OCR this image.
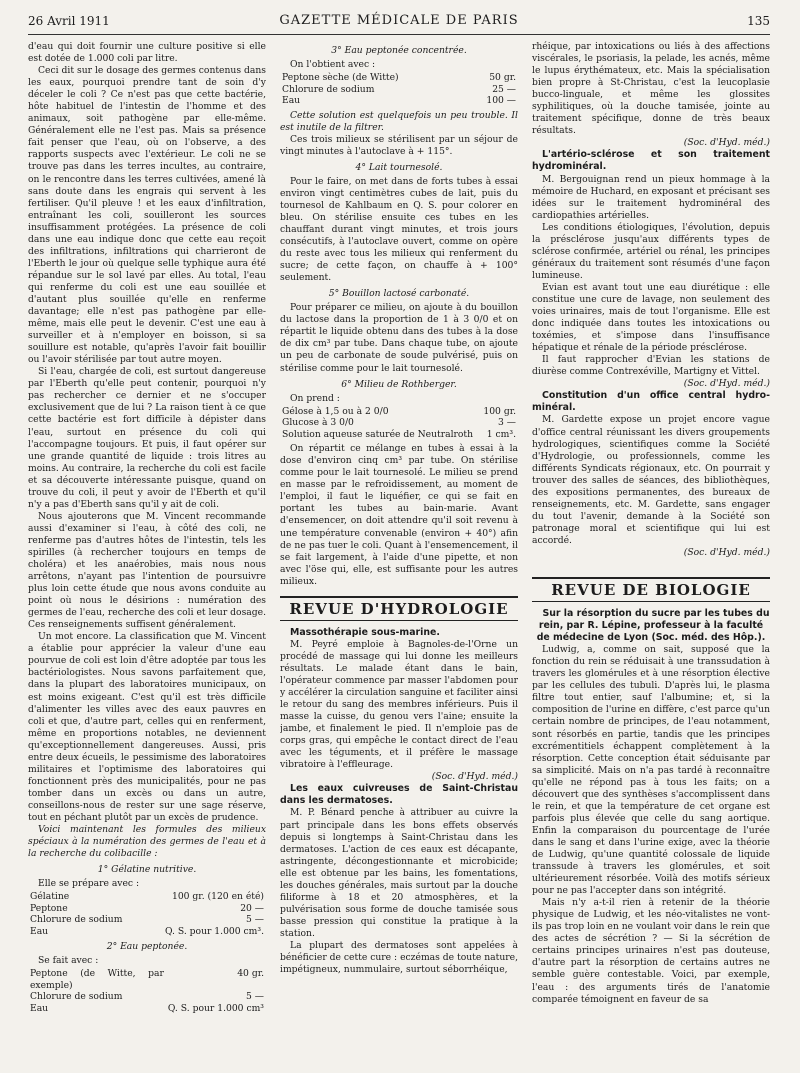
26 Avril 1911	GAZETTE MÉDICALE DE PARIS	135

d'eau qui doit fournir une culture positive si elle est dotée de 1.000 coli par litre.

Ceci dit sur le dosage des germes contenus dans les eaux, pourquoi prendre tant de soin d'y déceler le coli ? Ce n'est pas que cette bactérie, hôte habituel de l'intestin de l'homme et des animaux, soit pathogène par elle-même. Généralement elle ne l'est pas. Mais sa présence fait penser que l'eau, où on l'observe, a des rapports suspects avec l'extérieur. Le coli ne se trouve pas dans les terres incultes, au contraire, on le rencontre dans les terres cultivées, amené là sans doute dans les engrais qui servent à les fertiliser. Qu'il pleuve ! et les eaux d'infiltration, entraînant les coli, souilleront les sources insuffisamment protégées. La présence de coli dans une eau indique donc que cette eau reçoit des infiltrations, infiltrations qui charrieront de l'Eberth le jour où quelque selle typhique aura été répandue sur le sol lavé par elles. Au total, l'eau qui renferme du coli est une eau souillée et d'autant plus souillée qu'elle en renferme davantage; elle n'est pas pathogène par elle-même, mais elle peut le devenir. C'est une eau à surveiller et à n'employer en boisson, si sa souillure est notable, qu'après l'avoir fait bouillir ou l'avoir stérilisée par tout autre moyen.

Si l'eau, chargée de coli, est surtout dangereuse par l'Eberth qu'elle peut contenir, pourquoi n'y pas rechercher ce dernier et ne s'occuper exclusivement que de lui ? La raison tient à ce que cette bactérie est fort difficile à dépister dans l'eau, surtout en présence du coli qui l'accompagne toujours. Et puis, il faut opérer sur une grande quantité de liquide : trois litres au moins. Au contraire, la recherche du coli est facile et sa découverte intéressante puisque, quand on trouve du coli, il peut y avoir de l'Eberth et qu'il n'y a pas d'Eberth sans qu'il y ait de coli.

Nous ajouterons que M. Vincent recommande aussi d'examiner si l'eau, à côté des coli, ne renferme pas d'autres hôtes de l'intestin, tels les spirilles (à rechercher toujours en temps de choléra) et les anaérobies, mais nous nous arrêtons, n'ayant pas l'intention de poursuivre plus loin cette étude que nous avons conduite au point où nous le désirions : numération des germes de l'eau, recherche des coli et leur dosage. Ces renseignements suffisent généralement.

Un mot encore. La classification que M. Vincent a établie pour apprécier la valeur d'une eau pourvue de coli est loin d'être adoptée par tous les bactériologistes. Nous savons parfaitement que, dans la plupart des laboratoires municipaux, on est moins exigeant. C'est qu'il est très difficile d'alimenter les villes avec des eaux pauvres en coli et que, d'autre part, celles qui en renferment, même en proportions notables, ne deviennent qu'exceptionnellement dangereuses. Aussi, pris entre deux écueils, le pessimisme des laboratoires militaires et l'optimisme des laboratoires qui fonctionnent près des municipalités, pour ne pas tomber dans un excès ou dans un autre, conseillons-nous de rester sur une sage réserve, tout en péchant plutôt par un excès de prudence.

Voici maintenant les formules des milieux spéciaux à la numération des germes de l'eau et à la recherche du colibacille :

1° Gélatine nutritive.

Elle se prépare avec :

Gélatine	100 gr. (120 en été)
Peptone	20 —
Chlorure de sodium	5 —
Eau	Q. S. pour 1.000 cm³.
2° Eau peptonée.

Se fait avec :

Peptone (de Witte, par exemple)	40 gr.
Chlorure de sodium	5 —
Eau	Q. S. pour 1.000 cm³
3° Eau peptonée concentrée.

On l'obtient avec :

Peptone sèche (de Witte)	50 gr.
Chlorure de sodium	25 —
Eau	100 —

Cette solution est quelquefois un peu trouble. Il est inutile de la filtrer.

Ces trois milieux se stérilisent par un séjour de vingt minutes à l'autoclave à + 115°.

4° Lait tournesolé.

Pour le faire, on met dans de forts tubes à essai environ vingt centimètres cubes de lait, puis du tournesol de Kahlbaum en Q. S. pour colorer en bleu. On stérilise ensuite ces tubes en les chauffant durant vingt minutes, et trois jours consécutifs, à l'autoclave ouvert, comme on opère du reste avec tous les milieux qui renferment du sucre; de cette façon, on chauffe à + 100° seulement.

5° Bouillon lactosé carbonaté.

Pour préparer ce milieu, on ajoute à du bouillon du lactose dans la proportion de 1 à 3 0/0 et on répartit le liquide obtenu dans des tubes à la dose de dix cm³ par tube. Dans chaque tube, on ajoute un peu de carbonate de soude pulvérisé, puis on stérilise comme pour le lait tournesolé.

6° Milieu de Rothberger.

On prend :

Gélose à 1,5 ou à 2 0/0	100 gr.
Glucose à 3 0/0	3 —
Solution aqueuse saturée de Neutralroth	1 cm³.

On répartit ce mélange en tubes à essai à la dose d'environ cinq cm³ par tube. On stérilise comme pour le lait tournesolé. Le milieu se prend en masse par le refroidissement, au moment de l'emploi, il faut le liquéfier, ce qui se fait en portant les tubes au bain-marie. Avant d'ensemencer, on doit attendre qu'il soit revenu à une température convenable (environ + 40°) afin de ne pas tuer le coli. Quant à l'ensemencement, il se fait largement, à l'aide d'une pipette, et non avec l'öse qui, elle, est suffisante pour les autres milieux.

REVUE D'HYDROLOGIE

Massothérapie sous-marine.

M. Peyré emploie à Bagnoles-de-l'Orne un procédé de massage qui lui donne les meilleurs résultats. Le malade étant dans le bain, l'opérateur commence par masser l'abdomen pour y accélérer la circulation sanguine et faciliter ainsi le retour du sang des membres inférieurs. Puis il masse la cuisse, du genou vers l'aine; ensuite la jambe, et finalement le pied. Il n'emploie pas de corps gras, qui empêche le contact direct de l'eau avec les téguments, et il préfère le massage vibratoire à l'effleurage.

(Soc. d'Hyd. méd.)

Les eaux cuivreuses de Saint-Christau dans les dermatoses.

M. P. Bénard penche à attribuer au cuivre la part principale dans les bons effets observés depuis si longtemps à Saint-Christau dans les dermatoses. L'action de ces eaux est décapante, astringente, décongestionnante et microbicide; elle est obtenue par les bains, les fomentations, les douches générales, mais surtout par la douche filiforme à 18 et 20 atmosphères, et la pulvérisation sous forme de douche tamisée sous basse pression qui constitue la pratique à la station.

La plupart des dermatoses sont appelées à bénéficier de cette cure : eczémas de toute nature, impétigneux, nummulaire, surtout séborrhéique,

rhéique, par intoxications ou liés à des affections viscérales, le psoriasis, la pelade, les acnés, même le lupus érythémateux, etc. Mais la spécialisation bien propre à St-Christau, c'est la leucoplasie bucco-linguale, et même les glossites syphilitiques, où la douche tamisée, jointe au traitement spécifique, donne de très beaux résultats.

(Soc. d'Hyd. méd.)

L'artério-sclérose et son traitement hydrominéral.

M. Bergouignan rend un pieux hommage à la mémoire de Huchard, en exposant et précisant ses idées sur le traitement hydrominéral des cardiopathies artérielles.

Les conditions étiologiques, l'évolution, depuis la présclérose jusqu'aux différents types de sclérose confirmée, artériel ou rénal, les principes généraux du traitement sont résumés d'une façon lumineuse.

Evian est avant tout une eau diurétique : elle constitue une cure de lavage, non seulement des voies urinaires, mais de tout l'organisme. Elle est donc indiquée dans toutes les intoxications ou toxémies, et s'impose dans l'insuffisance hépatique et rénale de la période présclérose.

Il faut rapprocher d'Evian les stations de diurèse comme Contrexéville, Martigny et Vittel.

(Soc. d'Hyd. méd.)

Constitution d'un office central hydro-minéral.

M. Gardette expose un projet encore vague d'office central réunissant les divers groupements hydrologiques, scientifiques comme la Société d'Hydrologie, ou professionnels, comme les différents Syndicats régionaux, etc. On pourrait y trouver des salles de séances, des bibliothèques, des expositions permanentes, des bureaux de renseignements, etc. M. Gardette, sans engager du tout l'avenir, demande à la Société son patronage moral et scientifique qui lui est accordé.

(Soc. d'Hyd. méd.)
REVUE DE BIOLOGIE

Sur la résorption du sucre par les tubes du rein, par R. Lépine, professeur à la faculté de médecine de Lyon (Soc. méd. des Hôp.).

Ludwig, a, comme on sait, supposé que la fonction du rein se réduisait à une transsudation à travers les glomérules et à une résorption élective par les cellules des tubuli. D'après lui, le plasma filtre tout entier, sauf l'albumine; et, si la composition de l'urine en diffère, c'est parce qu'un certain nombre de principes, de l'eau notamment, sont résorbés en partie, tandis que les principes excrémentitiels échappent complètement à la résorption. Cette conception était séduisante par sa simplicité. Mais on n'a pas tardé à reconnaître qu'elle ne répond pas à tous les faits; on a découvert que des synthèses s'accomplissent dans le rein, et que la température de cet organe est parfois plus élevée que celle du sang aortique. Enfin la comparaison du pourcentage de l'urée dans le sang et dans l'urine exige, avec la théorie de Ludwig, qu'une quantité colossale de liquide transsude à travers les glomérules, et soit ultérieurement résorbée. Voilà des motifs sérieux pour ne pas l'accepter dans son intégrité.

Mais n'y a-t-il rien à retenir de la théorie physique de Ludwig, et les néo-vitalistes ne vont-ils pas trop loin en ne voulant voir dans le rein que des actes de sécrétion ? — Si la sécrétion de certains principes urinaires n'est pas douteuse, d'autre part la résorption de certains autres ne semble guère contestable. Voici, par exemple, l'eau : des arguments tirés de l'anatomie comparée témoignent en faveur de sa
